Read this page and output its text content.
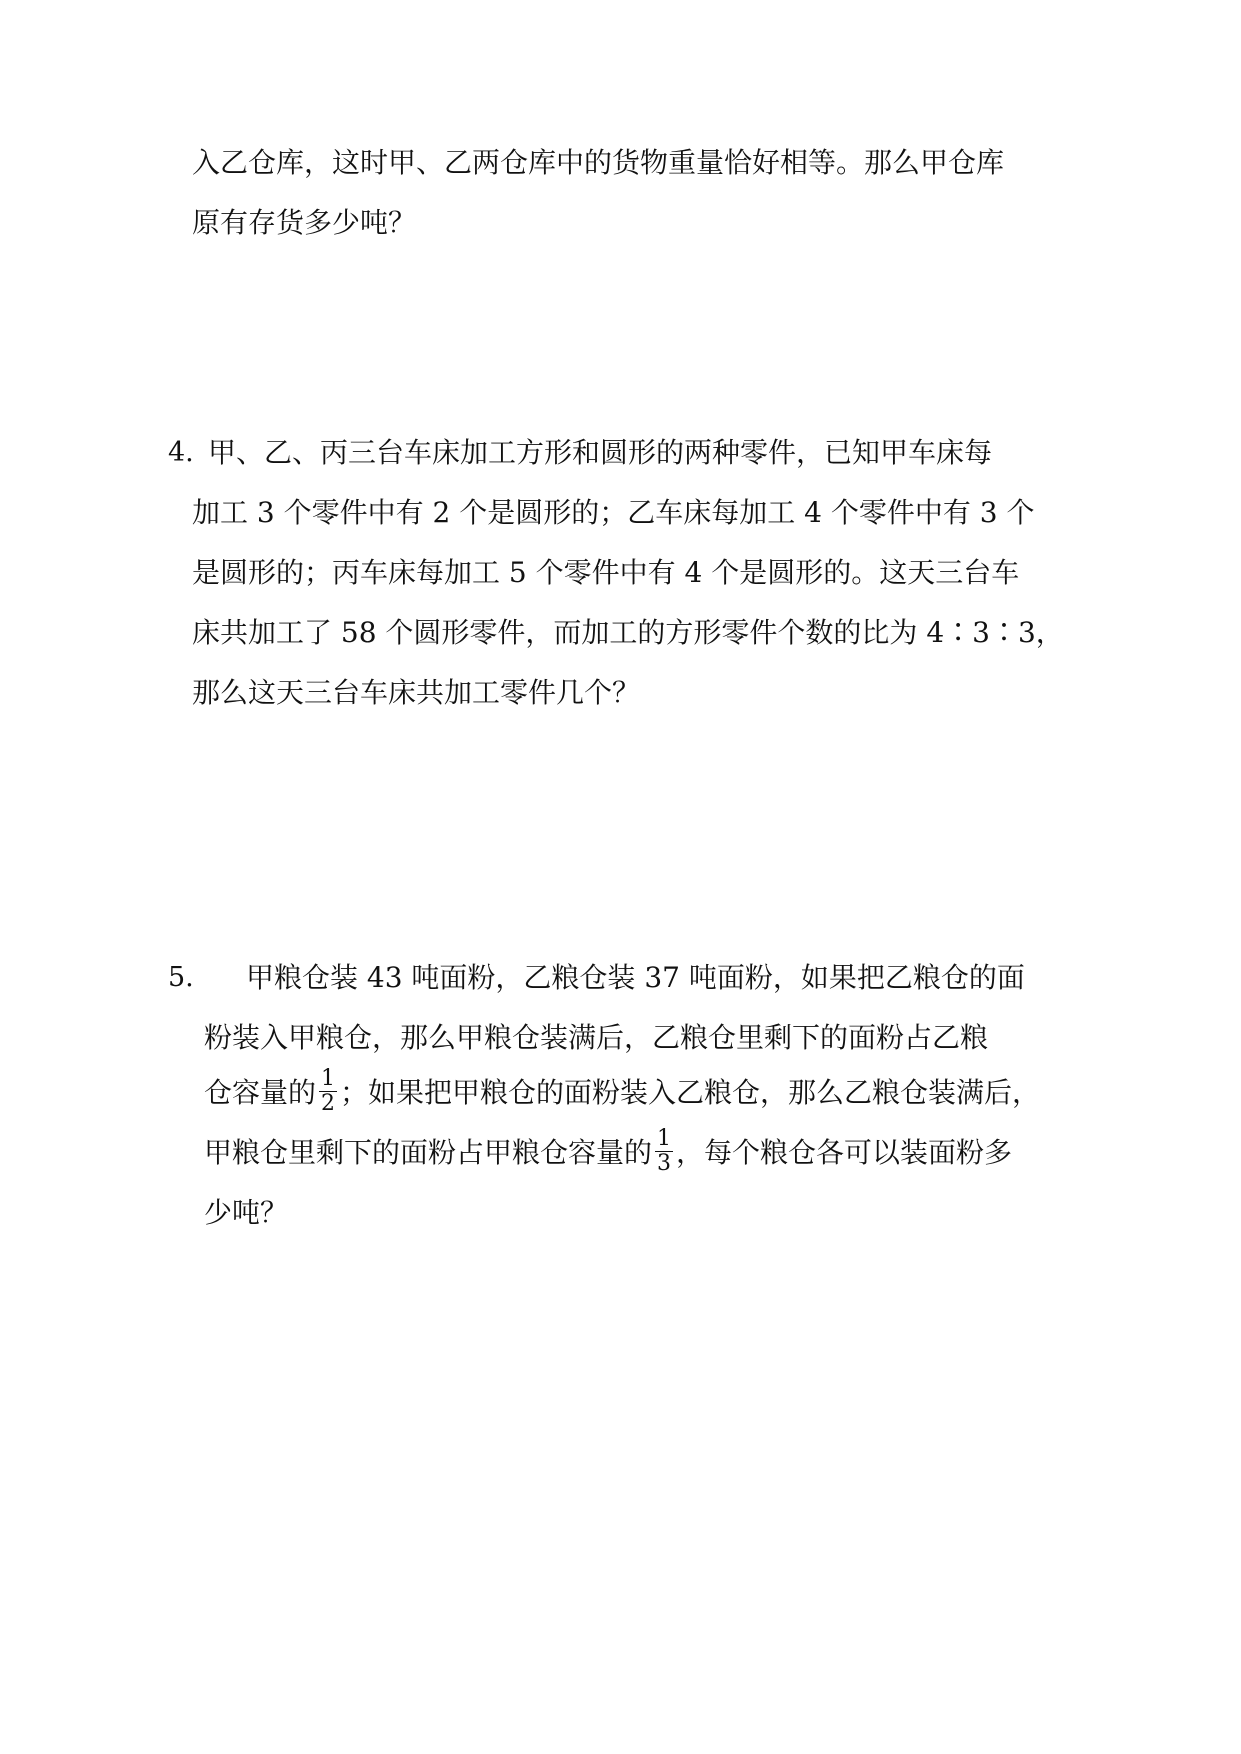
入乙仓库，这时甲、乙两仓库中的货物重量恰好相等。那么甲仓库
原有存货多少吨？
4. 甲、乙、丙三台车床加工方形和圆形的两种零件，已知甲车床每
加工 3 个零件中有 2 个是圆形的；乙车床每加工 4 个零件中有 3 个
是圆形的；丙车床每加工 5 个零件中有 4 个是圆形的。这天三台车
床共加工了 58 个圆形零件，而加工的方形零件个数的比为 4∶3∶3，
那么这天三台车床共加工零件几个？
5. 甲粮仓装 43 吨面粉，乙粮仓装 37 吨面粉，如果把乙粮仓的面
粉装入甲粮仓，那么甲粮仓装满后，乙粮仓里剩下的面粉占乙粮
仓容量的 $\frac{1}{2}$ ；如果把甲粮仓的面粉装入乙粮仓，那么乙粮仓装满后，
甲粮仓里剩下的面粉占甲粮仓容量的 $\frac{1}{3}$ ，每个粮仓各可以装面粉多
少吨？
